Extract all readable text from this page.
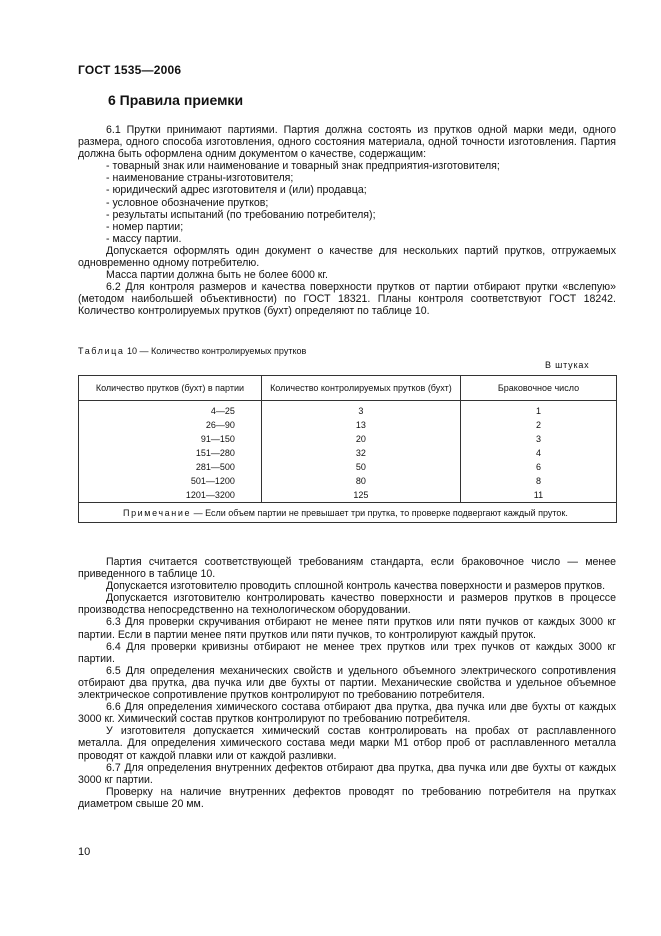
ГОСТ 1535—2006
6 Правила приемки

6.1 Прутки принимают партиями. Партия должна состоять из прутков одной марки меди, одного размера, одного способа изготовления, одного состояния материала, одной точности изготовления. Партия должна быть оформлена одним документом о качестве, содержащим:

- товарный знак или наименование и товарный знак предприятия-изготовителя;

- наименование страны-изготовителя;

- юридический адрес изготовителя и (или) продавца;

- условное обозначение прутков;

- результаты испытаний (по требованию потребителя);

- номер партии;

- массу партии.

Допускается оформлять один документ о качестве для нескольких партий прутков, отгружаемых одновременно одному потребителю.

Масса партии должна быть не более 6000 кг.

6.2 Для контроля размеров и качества поверхности прутков от партии отбирают прутки «вслепую» (методом наибольшей объективности) по ГОСТ 18321. Планы контроля соответствуют ГОСТ 18242. Количество контролируемых прутков (бухт) определяют по таблице 10.

Таблица 10 — Количество контролируемых прутков
В штуках
Количество прутков (бухт) в партии	Количество контролируемых прутков (бухт)	Браковочное число
4—25	3	1
26—90	13	2
91—150	20	3
151—280	32	4
281—500	50	6
501—1200	80	8
1201—3200	125	11
Примечание — Если объем партии не превышает три прутка, то проверке подвергают каждый пруток.		

Партия считается соответствующей требованиям стандарта, если браковочное число — менее приведенного в таблице 10.

Допускается изготовителю проводить сплошной контроль качества поверхности и размеров прутков.

Допускается изготовителю контролировать качество поверхности и размеров прутков в процессе производства непосредственно на технологическом оборудовании.

6.3 Для проверки скручивания отбирают не менее пяти прутков или пяти пучков от каждых 3000 кг партии. Если в партии менее пяти прутков или пяти пучков, то контролируют каждый пруток.

6.4 Для проверки кривизны отбирают не менее трех прутков или трех пучков от каждых 3000 кг партии.

6.5 Для определения механических свойств и удельного объемного электрического сопротивления отбирают два прутка, два пучка или две бухты от партии. Механические свойства и удельное объемное электрическое сопротивление прутков контролируют по требованию потребителя.

6.6 Для определения химического состава отбирают два прутка, два пучка или две бухты от каждых 3000 кг. Химический состав прутков контролируют по требованию потребителя.

У изготовителя допускается химический состав контролировать на пробах от расплавленного металла. Для определения химического состава меди марки М1 отбор проб от расплавленного металла проводят от каждой плавки или от каждой разливки.

6.7 Для определения внутренних дефектов отбирают два прутка, два пучка или две бухты от каждых 3000 кг партии.

Проверку на наличие внутренних дефектов проводят по требованию потребителя на прутках диаметром свыше 20 мм.

10
